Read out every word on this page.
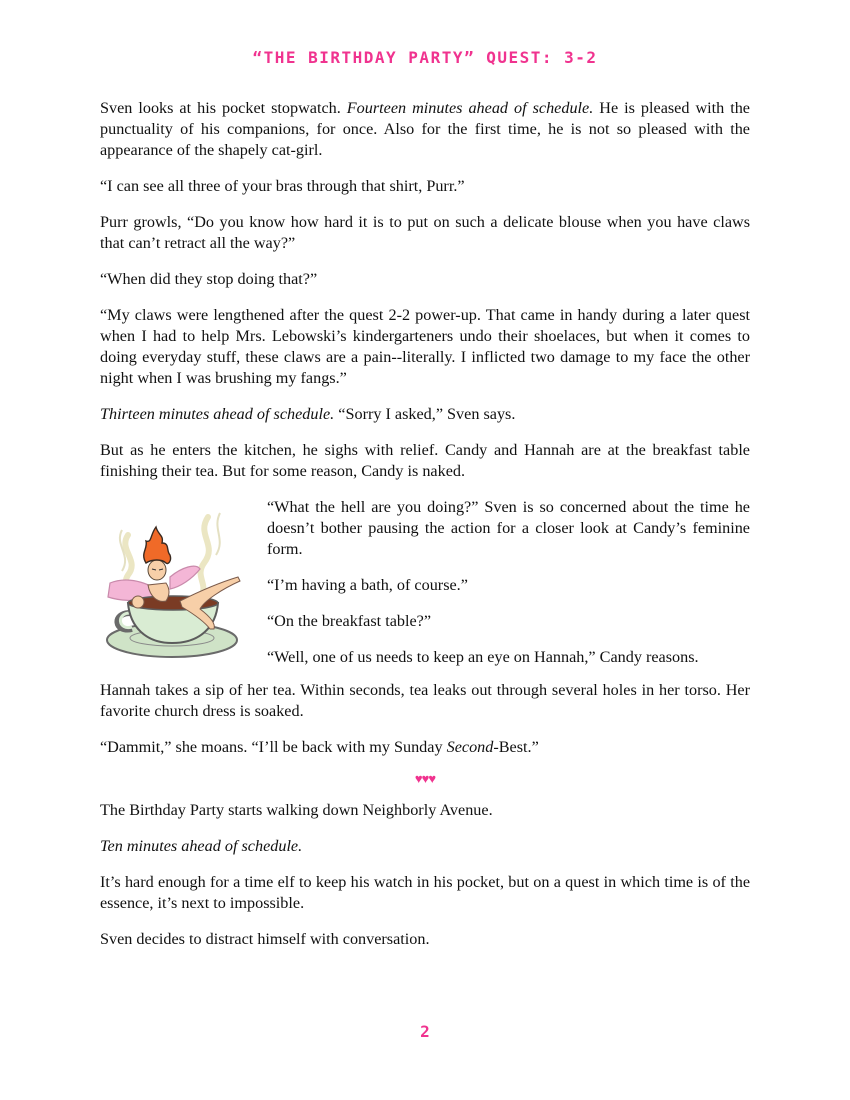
“THE BIRTHDAY PARTY” QUEST: 3-2

Sven looks at his pocket stopwatch. Fourteen minutes ahead of schedule. He is pleased with the punctuality of his companions, for once. Also for the first time, he is not so pleased with the appearance of the shapely cat-girl.

“I can see all three of your bras through that shirt, Purr.”

Purr growls, “Do you know how hard it is to put on such a delicate blouse when you have claws that can’t retract all the way?”

“When did they stop doing that?”

“My claws were lengthened after the quest 2-2 power-up. That came in handy during a later quest when I had to help Mrs. Lebowski’s kindergarteners undo their shoelaces, but when it comes to doing everyday stuff, these claws are a pain--literally. I inflicted two damage to my face the other night when I was brushing my fangs.”

Thirteen minutes ahead of schedule. “Sorry I asked,” Sven says.

But as he enters the kitchen, he sighs with relief. Candy and Hannah are at the breakfast table finishing their tea. But for some reason, Candy is naked.

“What the hell are you doing?” Sven is so concerned about the time he doesn’t bother pausing the action for a closer look at Candy’s feminine form.

“I’m having a bath, of course.”

“On the breakfast table?”

“Well, one of us needs to keep an eye on Hannah,” Candy reasons.

Hannah takes a sip of her tea. Within seconds, tea leaks out through several holes in her torso. Her favorite church dress is soaked.

“Dammit,” she moans. “I’ll be back with my Sunday Second-Best.”

♥♥♥

The Birthday Party starts walking down Neighborly Avenue.

Ten minutes ahead of schedule.

It’s hard enough for a time elf to keep his watch in his pocket, but on a quest in which time is of the essence, it’s next to impossible.

Sven decides to distract himself with conversation.

2
